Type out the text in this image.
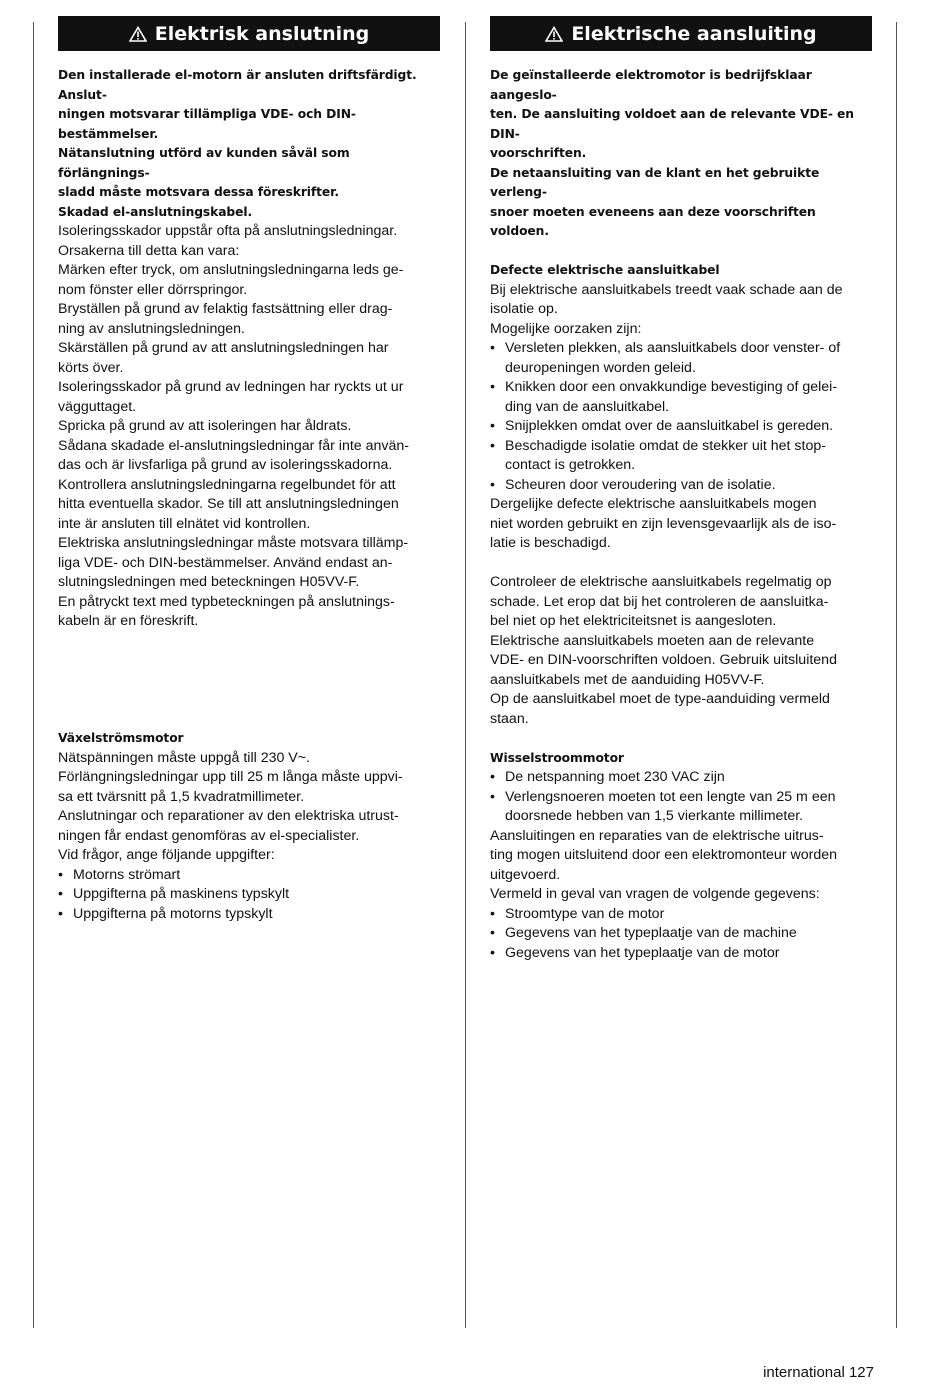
Elektrisk anslutning

Den installerade el-motorn är ansluten driftsfärdigt. Anslut-

ningen motsvarar tillämpliga VDE- och DIN-bestämmelser.

Nätanslutning utförd av kunden såväl som förlängnings-

sladd måste motsvara dessa föreskrifter.

Skadad el-anslutningskabel.

Isoleringsskador uppstår ofta på anslutningsledningar.

Orsakerna till detta kan vara:

Märken efter tryck, om anslutningsledningarna leds ge-

nom fönster eller dörrspringor.

Bryställen på grund av felaktig fastsättning eller drag-

ning av anslutningsledningen.

Skärställen på grund av att anslutningsledningen har

körts över.

Isoleringsskador på grund av ledningen har ryckts ut ur

vägguttaget.

Spricka på grund av att isoleringen har åldrats.

Sådana skadade el-anslutningsledningar får inte använ-

das och är livsfarliga på grund av isoleringsskadorna.

Kontrollera anslutningsledningarna regelbundet för att

hitta eventuella skador. Se till att anslutningsledningen

inte är ansluten till elnätet vid kontrollen.

Elektriska anslutningsledningar måste motsvara tillämp-

liga VDE- och DIN-bestämmelser. Använd endast an-

slutningsledningen med beteckningen H05VV-F.

En påtryckt text med typbeteckningen på anslutnings-

kabeln är en föreskrift.

Växelströmsmotor

Nätspänningen måste uppgå till 230 V~.

Förlängningsledningar upp till 25 m långa måste uppvi-

sa ett tvärsnitt på 1,5 kvadratmillimeter.

Anslutningar och reparationer av den elektriska utrust-

ningen får endast genomföras av el-specialister.

Vid frågor, ange följande uppgifter:

• Motorns strömart
• Uppgifterna på maskinens typskylt
• Uppgifterna på motorns typskylt
Elektrische aansluiting

De geïnstalleerde elektromotor is bedrijfsklaar aangeslo-

ten. De aansluiting voldoet aan de relevante VDE- en DIN-

voorschriften.

De netaansluiting van de klant en het gebruikte verleng-

snoer moeten eveneens aan deze voorschriften voldoen.

Defecte elektrische aansluitkabel

Bij elektrische aansluitkabels treedt vaak schade aan de

isolatie op.

Mogelijke oorzaken zijn:

• Versleten plekken, als aansluitkabels door venster- of
deuropeningen worden geleid.
• Knikken door een onvakkundige bevestiging of gelei-
ding van de aansluitkabel.
• Snijplekken omdat over de aansluitkabel is gereden.
• Beschadigde isolatie omdat de stekker uit het stop-
contact is getrokken.
• Scheuren door veroudering van de isolatie.

Dergelijke defecte elektrische aansluitkabels mogen

niet worden gebruikt en zijn levensgevaarlijk als de iso-

latie is beschadigd.

Controleer de elektrische aansluitkabels regelmatig op

schade. Let erop dat bij het controleren de aansluitka-

bel niet op het elektriciteitsnet is aangesloten.

Elektrische aansluitkabels moeten aan de relevante

VDE- en DIN-voorschriften voldoen. Gebruik uitsluitend

aansluitkabels met de aanduiding H05VV-F.

Op de aansluitkabel moet de type-aanduiding vermeld

staan.

Wisselstroommotor

• De netspanning moet 230 VAC zijn
• Verlengsnoeren moeten tot een lengte van 25 m een
doorsnede hebben van 1,5 vierkante millimeter.

Aansluitingen en reparaties van de elektrische uitrus-

ting mogen uitsluitend door een elektromonteur worden

uitgevoerd.

Vermeld in geval van vragen de volgende gegevens:

• Stroomtype van de motor
• Gegevens van het typeplaatje van de machine
• Gegevens van het typeplaatje van de motor
international 127
